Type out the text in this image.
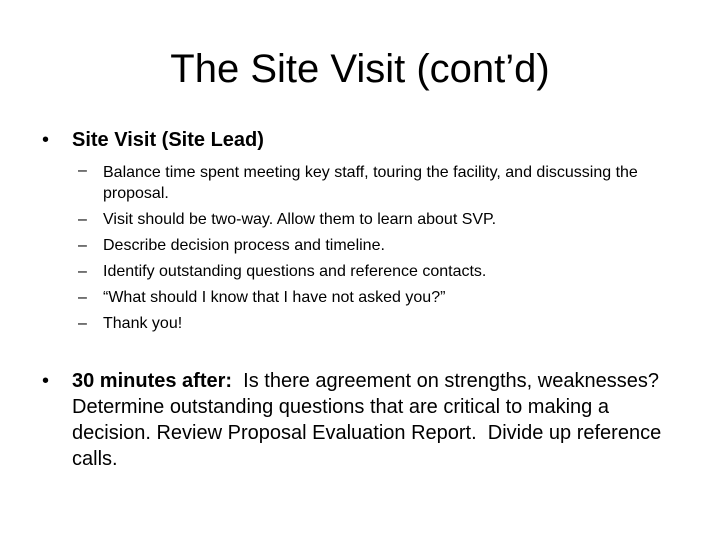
The Site Visit (cont’d)
• Site Visit (Site Lead)
– Balance time spent meeting key staff, touring the facility, and discussing the proposal.
– Visit should be two-way. Allow them to learn about SVP.
– Describe decision process and timeline.
– Identify outstanding questions and reference contacts.
– “What should I know that I have not asked you?”
– Thank you!
• 30 minutes after:  Is there agreement on strengths, weaknesses?  Determine outstanding questions that are critical to making a decision. Review Proposal Evaluation Report.  Divide up reference calls.
